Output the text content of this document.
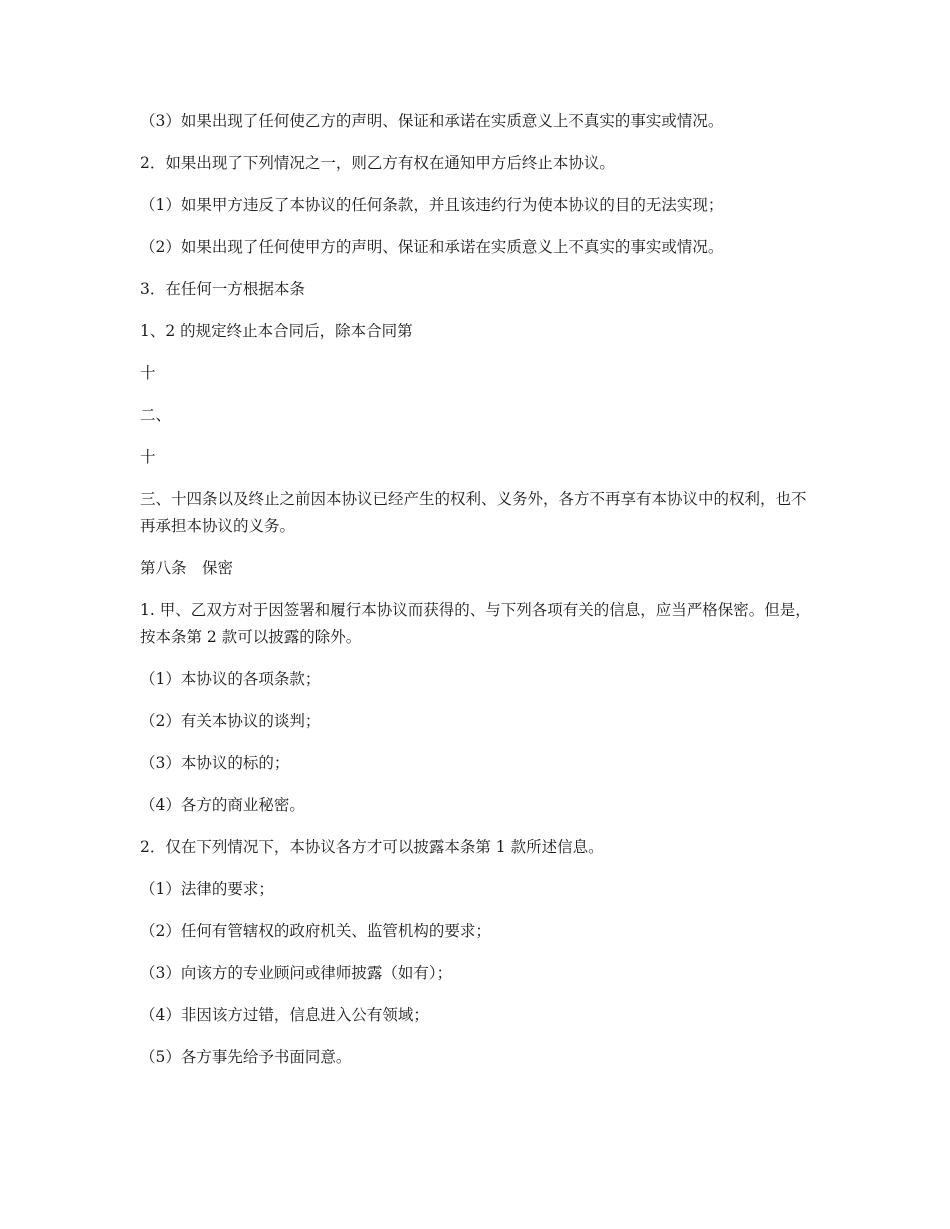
（3）如果出现了任何使乙方的声明、保证和承诺在实质意义上不真实的事实或情况。

2．如果出现了下列情况之一，则乙方有权在通知甲方后终止本协议。

（1）如果甲方违反了本协议的任何条款，并且该违约行为使本协议的目的无法实现；

（2）如果出现了任何使甲方的声明、保证和承诺在实质意义上不真实的事实或情况。

3．在任何一方根据本条

1、2 的规定终止本合同后，除本合同第

十

二、

十

三、十四条以及终止之前因本协议已经产生的权利、义务外，各方不再享有本协议中的权利，也不再承担本协议的义务。

第八条　保密

1. 甲、乙双方对于因签署和履行本协议而获得的、与下列各项有关的信息，应当严格保密。但是，按本条第 2 款可以披露的除外。

（1）本协议的各项条款；

（2）有关本协议的谈判；

（3）本协议的标的；

（4）各方的商业秘密。

2．仅在下列情况下，本协议各方才可以披露本条第 1 款所述信息。

（1）法律的要求；

（2）任何有管辖权的政府机关、监管机构的要求；

（3）向该方的专业顾问或律师披露（如有）；

（4）非因该方过错，信息进入公有领域；

（5）各方事先给予书面同意。
